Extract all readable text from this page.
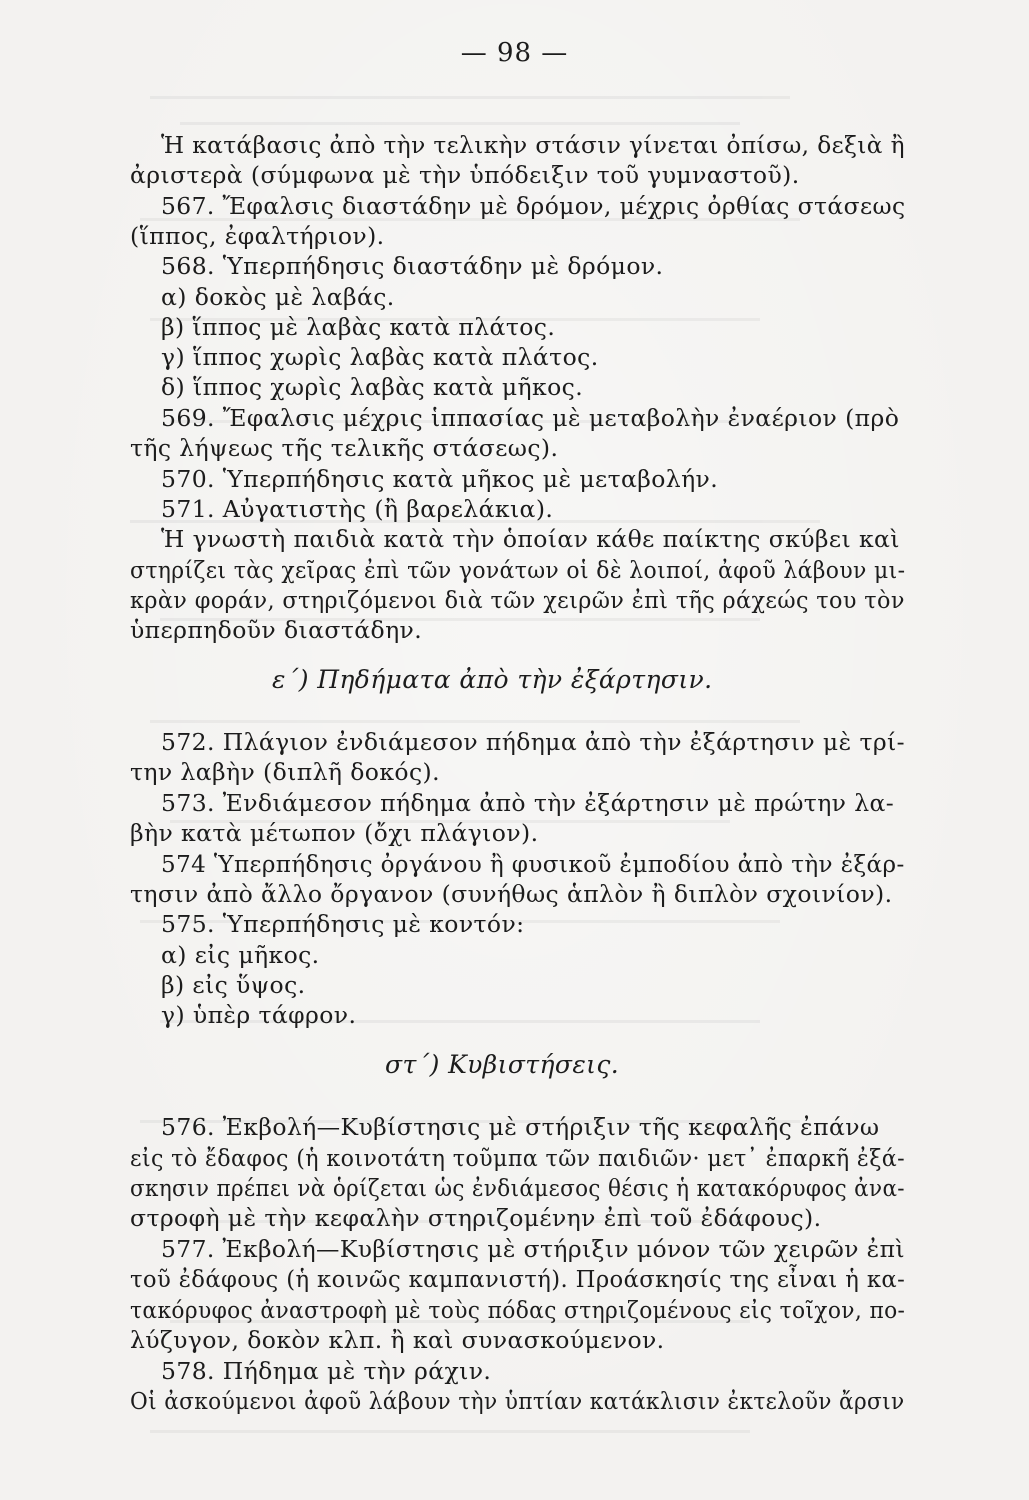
— 98 —
Ἡ κατάβασις ἀπὸ τὴν τελικὴν στάσιν γίνεται ὀπίσω, δεξιὰ ἢ
ἀριστερὰ (σύμφωνα μὲ τὴν ὑπόδειξιν τοῦ γυμναστοῦ).
567. Ἔφαλσις διαστάδην μὲ δρόμον, μέχρις ὀρθίας στάσεως
(ἵππος, ἐφαλτήριον).
568. Ὑπερπήδησις διαστάδην μὲ δρόμον.
α) δοκὸς μὲ λαβάς.
β) ἵππος μὲ λαβὰς κατὰ πλάτος.
γ) ἵππος χωρὶς λαβὰς κατὰ πλάτος.
δ) ἵππος χωρὶς λαβὰς κατὰ μῆκος.
569. Ἔφαλσις μέχρις ἱππασίας μὲ μεταβολὴν ἐναέριον (πρὸ
τῆς λήψεως τῆς τελικῆς στάσεως).
570. Ὑπερπήδησις κατὰ μῆκος μὲ μεταβολήν.
571. Αὐγατιστὴς (ἢ βαρελάκια).
Ἡ γνωστὴ παιδιὰ κατὰ τὴν ὁποίαν κάθε παίκτης σκύβει καὶ
στηρίζει τὰς χεῖρας ἐπὶ τῶν γονάτων οἱ δὲ λοιποί, ἀφοῦ λάβουν μι-
κρὰν φοράν, στηριζόμενοι διὰ τῶν χειρῶν ἐπὶ τῆς ράχεώς του τὸν
ὑπερπηδοῦν διαστάδην.
ε΄) Πηδήματα ἀπὸ τὴν ἐξάρτησιν.
572. Πλάγιον ἐνδιάμεσον πήδημα ἀπὸ τὴν ἐξάρτησιν μὲ τρί-
την λαβὴν (διπλῆ δοκός).
573. Ἐνδιάμεσον πήδημα ἀπὸ τὴν ἐξάρτησιν μὲ πρώτην λα-
βὴν κατὰ μέτωπον (ὄχι πλάγιον).
574 Ὑπερπήδησις ὀργάνου ἢ φυσικοῦ ἐμποδίου ἀπὸ τὴν ἐξάρ-
τησιν ἀπὸ ἄλλο ὄργανον (συνήθως ἁπλὸν ἢ διπλὸν σχοινίον).
575. Ὑπερπήδησις μὲ κοντόν:
α) εἰς μῆκος.
β) εἰς ὕψος.
γ) ὑπὲρ τάφρον.
στ΄) Κυβιστήσεις.
576. Ἐκβολή—Κυβίστησις μὲ στήριξιν τῆς κεφαλῆς ἐπάνω
εἰς τὸ ἔδαφος (ἡ κοινοτάτη τοῦμπα τῶν παιδιῶν· μετ᾽ ἐπαρκῆ ἐξά-
σκησιν πρέπει νὰ ὁρίζεται ὡς ἐνδιάμεσος θέσις ἡ κατακόρυφος ἀνα-
στροφὴ μὲ τὴν κεφαλὴν στηριζομένην ἐπὶ τοῦ ἐδάφους).
577. Ἐκβολή—Κυβίστησις μὲ στήριξιν μόνον τῶν χειρῶν ἐπὶ
τοῦ ἐδάφους (ἡ κοινῶς καμπανιστή). Προάσκησίς της εἶναι ἡ κα-
τακόρυφος ἀναστροφὴ μὲ τοὺς πόδας στηριζομένους εἰς τοῖχον, πο-
λύζυγον, δοκὸν κλπ. ἢ καὶ συνασκούμενον.
578. Πήδημα μὲ τὴν ράχιν.
Οἱ ἀσκούμενοι ἀφοῦ λάβουν τὴν ὑπτίαν κατάκλισιν ἐκτελοῦν ἄρσιν
